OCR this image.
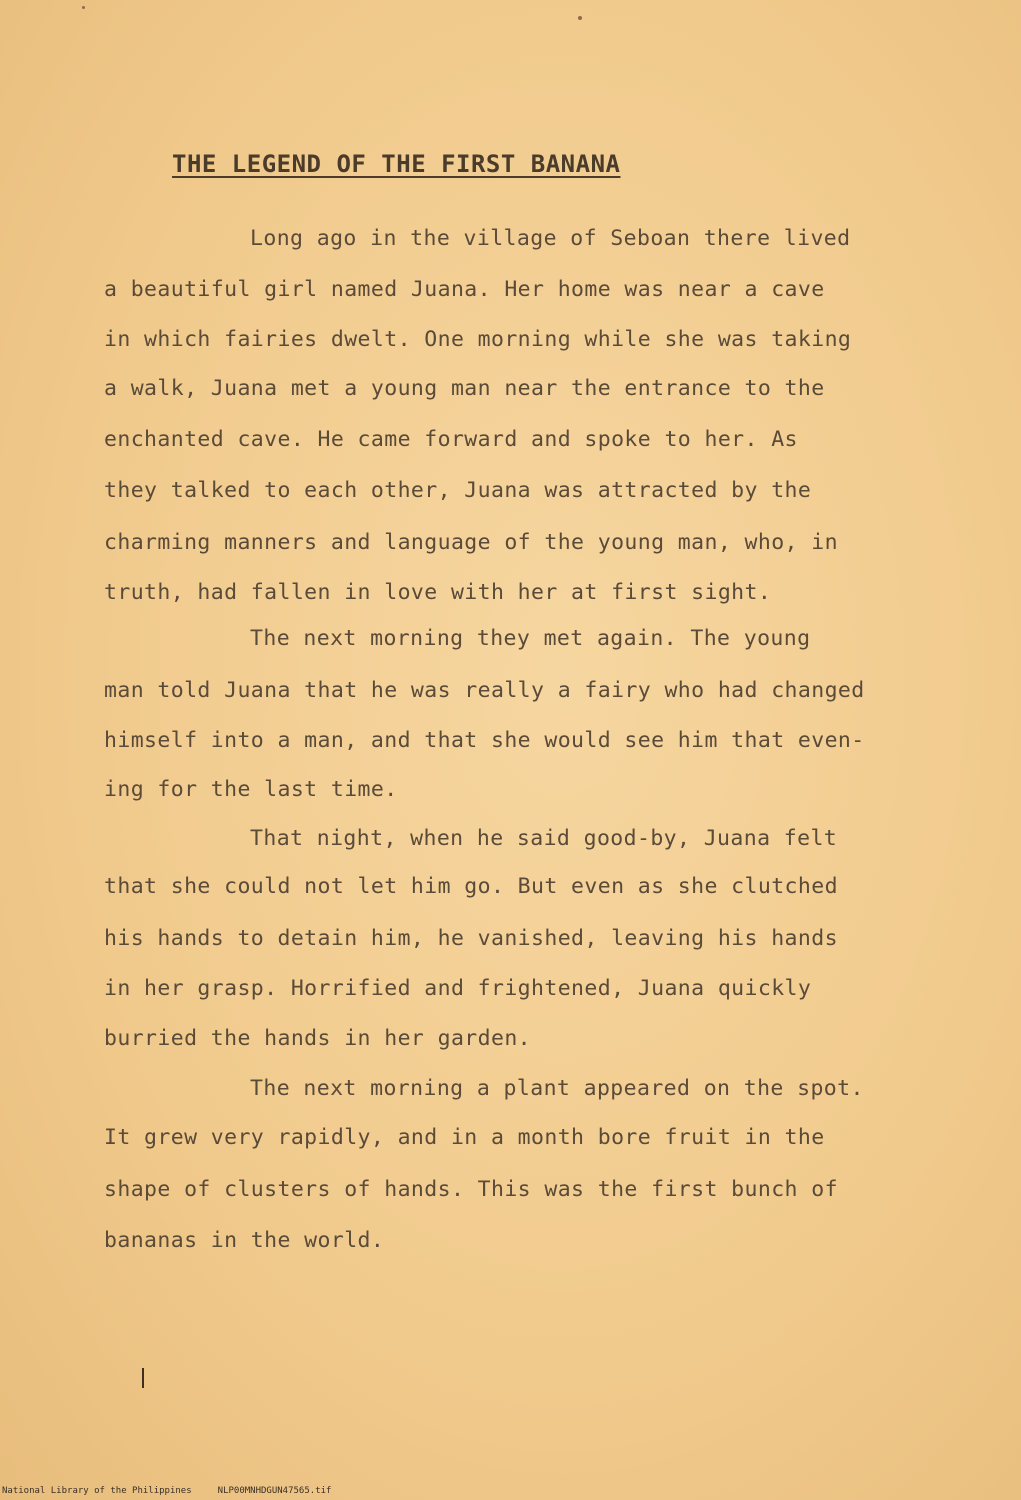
THE LEGEND OF THE FIRST BANANA
Long ago in the village of Seboan there lived
a beautiful girl named Juana. Her home was near a cave
in which fairies dwelt. One morning while she was taking
a walk, Juana met a young man near the entrance to the
enchanted cave. He came forward and spoke to her. As
they talked to each other, Juana was attracted by the
charming manners and language of the young man, who, in
truth, had fallen in love with her at first sight.
The next morning they met again. The young
man told Juana that he was really a fairy who had changed
himself into a man, and that she would see him that even-
ing for the last time.
That night, when he said good-by, Juana felt
that she could not let him go. But even as she clutched
his hands to detain him, he vanished, leaving his hands
in her grasp. Horrified and frightened, Juana quickly
burried the hands in her garden.
The next morning a plant appeared on the spot.
It grew very rapidly, and in a month bore fruit in the
shape of clusters of hands. This was the first bunch of
bananas in the world.
National Library of the Philippines	NLP00MNHDGUN47565.tif
